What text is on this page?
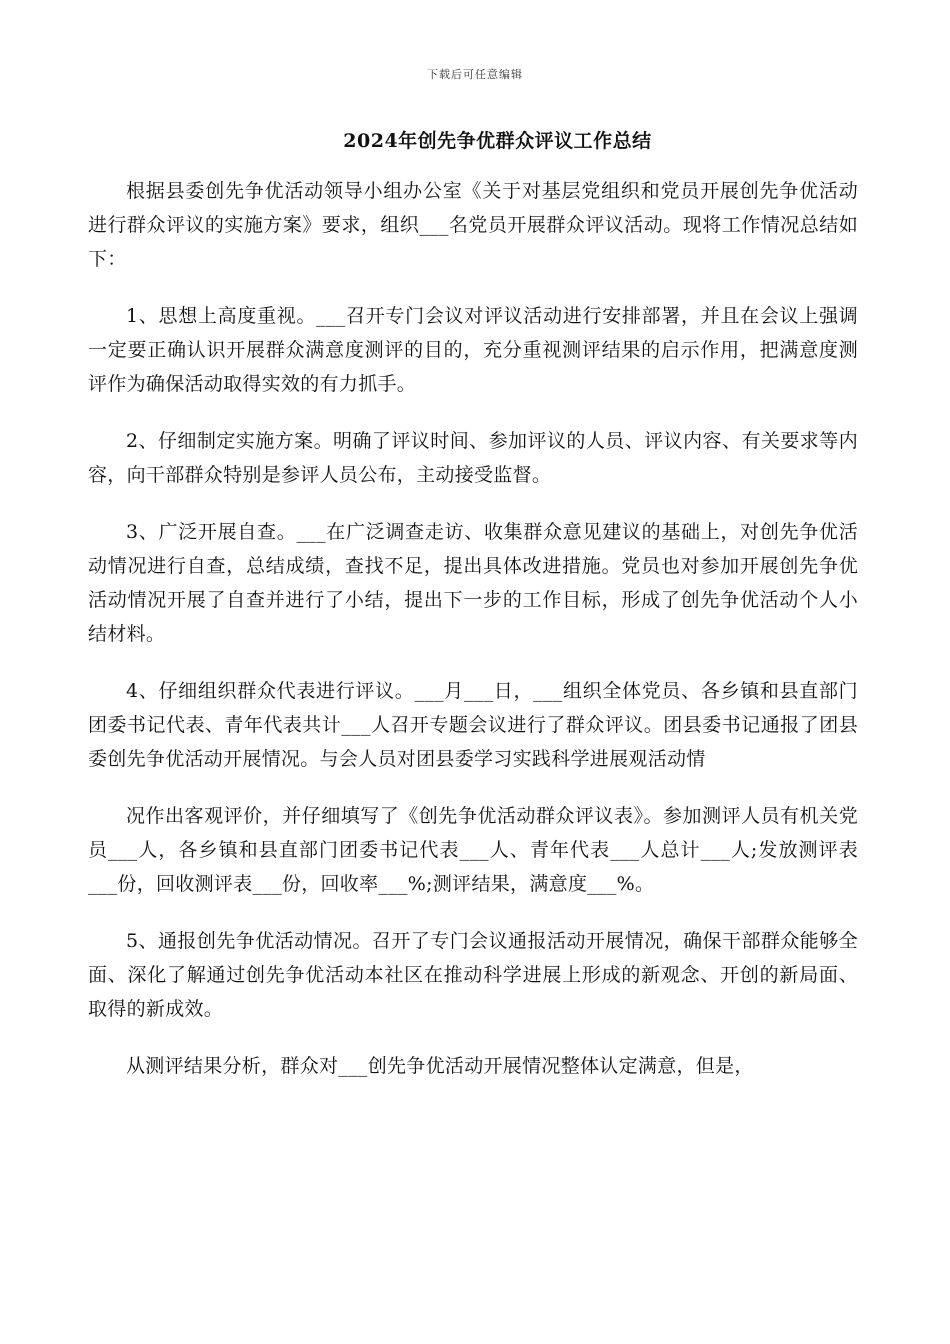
下载后可任意编辑
2024年创先争优群众评议工作总结

根据县委创先争优活动领导小组办公室《关于对基层党组织和党员开展创先争优活动进行群众评议的实施方案》要求，组织___名党员开展群众评议活动。现将工作情况总结如下：

1、思想上高度重视。___召开专门会议对评议活动进行安排部署，并且在会议上强调一定要正确认识开展群众满意度测评的目的，充分重视测评结果的启示作用，把满意度测评作为确保活动取得实效的有力抓手。

2、仔细制定实施方案。明确了评议时间、参加评议的人员、评议内容、有关要求等内容，向干部群众特别是参评人员公布，主动接受监督。

3、广泛开展自查。___在广泛调查走访、收集群众意见建议的基础上，对创先争优活动情况进行自查，总结成绩，查找不足，提出具体改进措施。党员也对参加开展创先争优活动情况开展了自查并进行了小结，提出下一步的工作目标，形成了创先争优活动个人小结材料。

4、仔细组织群众代表进行评议。___月___日，___组织全体党员、各乡镇和县直部门团委书记代表、青年代表共计___人召开专题会议进行了群众评议。团县委书记通报了团县委创先争优活动开展情况。与会人员对团县委学习实践科学进展观活动情

况作出客观评价，并仔细填写了《创先争优活动群众评议表》。参加测评人员有机关党员___人，各乡镇和县直部门团委书记代表___人、青年代表___人总计___人;发放测评表___份，回收测评表___份，回收率___%;测评结果，满意度___%。

5、通报创先争优活动情况。召开了专门会议通报活动开展情况，确保干部群众能够全面、深化了解通过创先争优活动本社区在推动科学进展上形成的新观念、开创的新局面、取得的新成效。

从测评结果分析，群众对___创先争优活动开展情况整体认定满意，但是，
